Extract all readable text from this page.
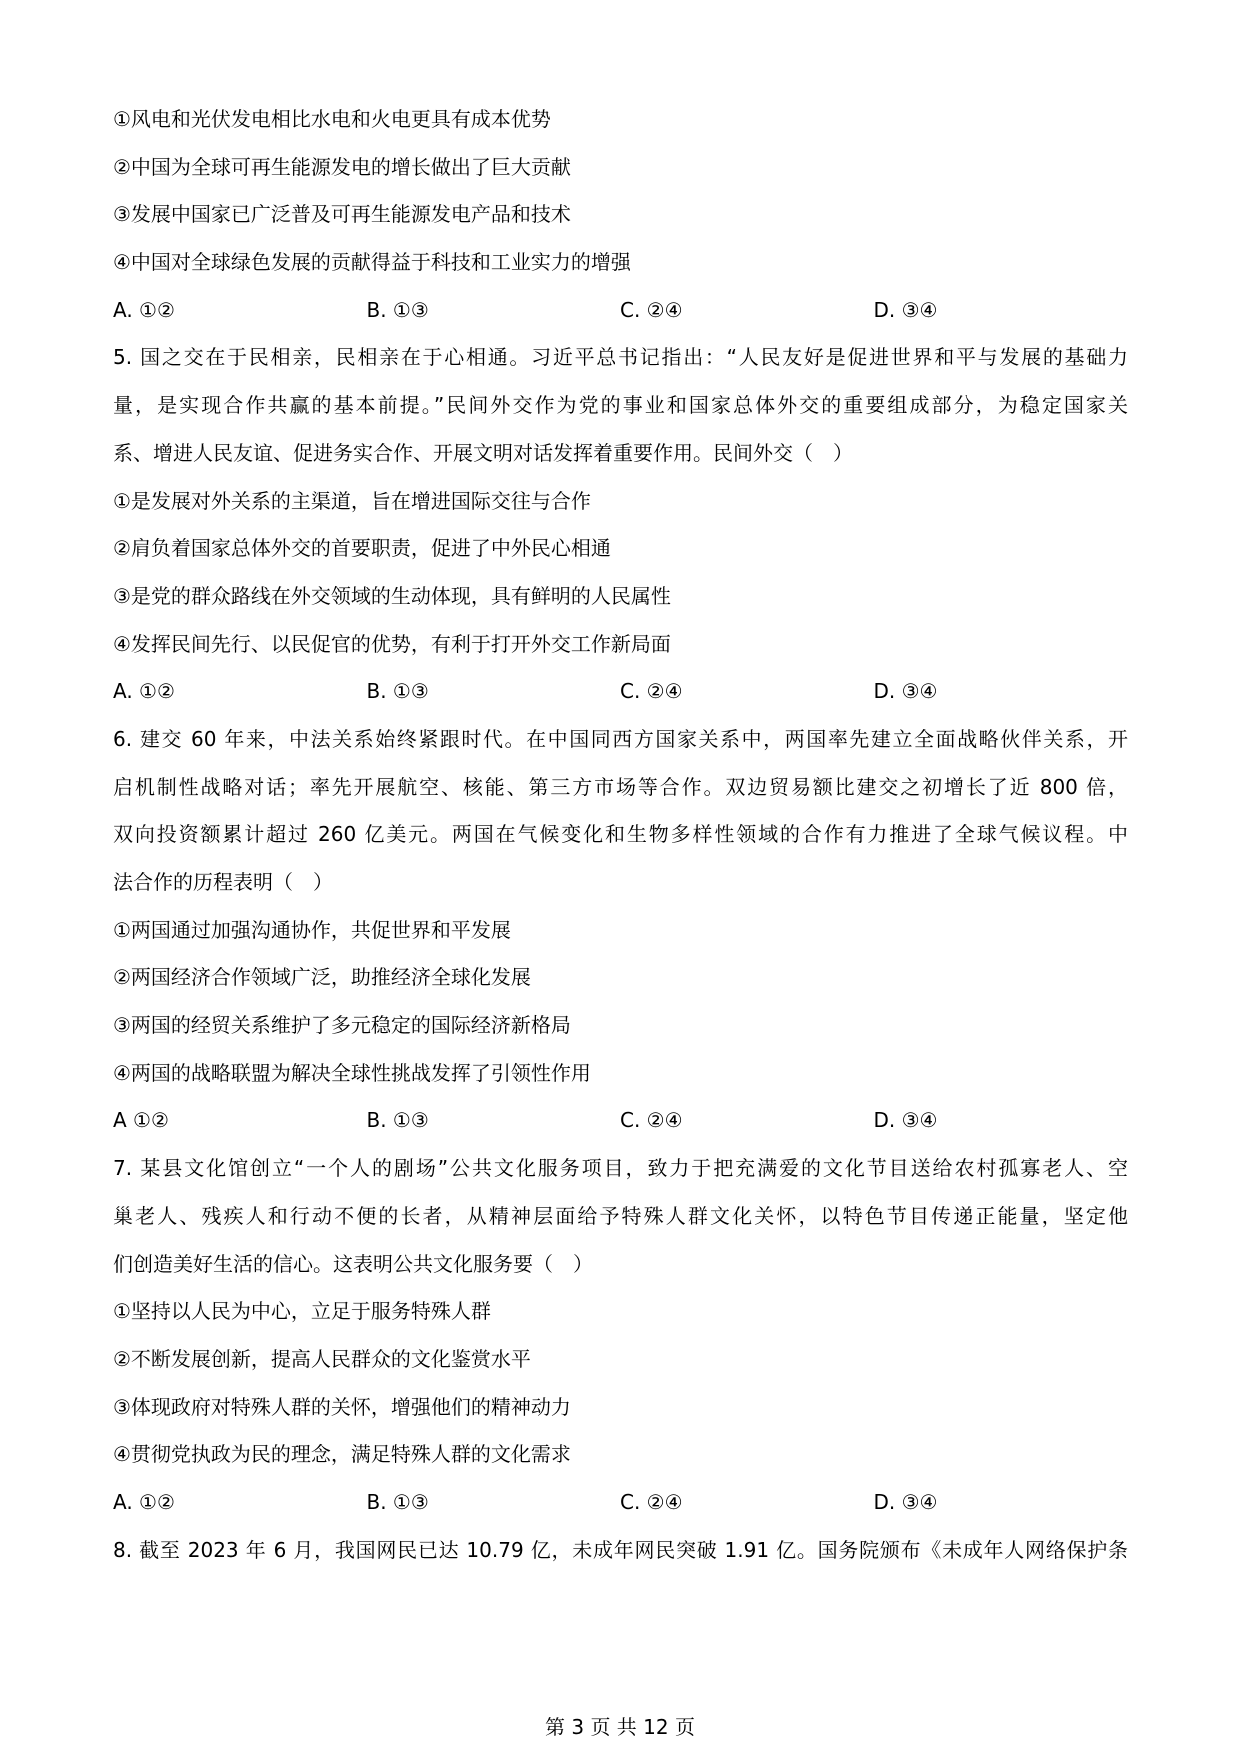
①风电和光伏发电相比水电和火电更具有成本优势
②中国为全球可再生能源发电的增长做出了巨大贡献
③发展中国家已广泛普及可再生能源发电产品和技术
④中国对全球绿色发展的贡献得益于科技和工业实力的增强
A. ①②	B. ①③	C. ②④	D. ③④
5. 国之交在于民相亲，民相亲在于心相通。习近平总书记指出：“人民友好是促进世界和平与发展的基础力
量，是实现合作共赢的基本前提。”民间外交作为党的事业和国家总体外交的重要组成部分，为稳定国家关
系、增进人民友谊、促进务实合作、开展文明对话发挥着重要作用。民间外交（　）
①是发展对外关系的主渠道，旨在增进国际交往与合作
②肩负着国家总体外交的首要职责，促进了中外民心相通
③是党的群众路线在外交领域的生动体现，具有鲜明的人民属性
④发挥民间先行、以民促官的优势，有利于打开外交工作新局面
A. ①②	B. ①③	C. ②④	D. ③④
6. 建交 60 年来，中法关系始终紧跟时代。在中国同西方国家关系中，两国率先建立全面战略伙伴关系，开
启机制性战略对话；率先开展航空、核能、第三方市场等合作。双边贸易额比建交之初增长了近 800 倍，
双向投资额累计超过 260 亿美元。两国在气候变化和生物多样性领域的合作有力推进了全球气候议程。中
法合作的历程表明（　）
①两国通过加强沟通协作，共促世界和平发展
②两国经济合作领域广泛，助推经济全球化发展
③两国的经贸关系维护了多元稳定的国际经济新格局
④两国的战略联盟为解决全球性挑战发挥了引领性作用
A ①②	B. ①③	C. ②④	D. ③④
7. 某县文化馆创立“一个人的剧场”公共文化服务项目，致力于把充满爱的文化节目送给农村孤寡老人、空
巢老人、残疾人和行动不便的长者，从精神层面给予特殊人群文化关怀，以特色节目传递正能量，坚定他
们创造美好生活的信心。这表明公共文化服务要（　）
①坚持以人民为中心，立足于服务特殊人群
②不断发展创新，提高人民群众的文化鉴赏水平
③体现政府对特殊人群的关怀，增强他们的精神动力
④贯彻党执政为民的理念，满足特殊人群的文化需求
A. ①②	B. ①③	C. ②④	D. ③④
8. 截至 2023 年 6 月，我国网民已达 10.79 亿，未成年网民突破 1.91 亿。国务院颁布《未成年人网络保护条
第 3 页 共 12 页
